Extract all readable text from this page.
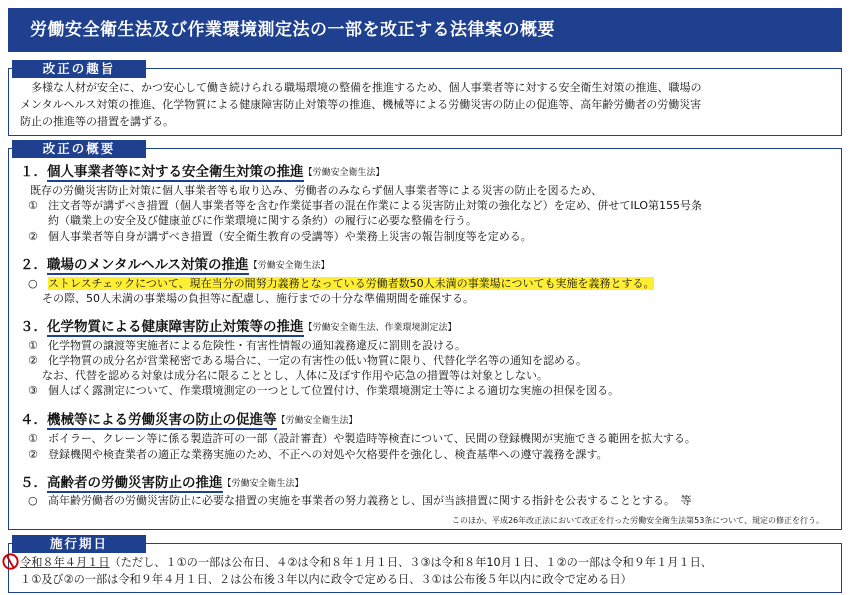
労働安全衛生法及び作業環境測定法の一部を改正する法律案の概要
改正の趣旨
　多様な人材が安全に、かつ安心して働き続けられる職場環境の整備を推進するため、個人事業者等に対する安全衛生対策の推進、職場の
メンタルヘルス対策の推進、化学物質による健康障害防止対策等の推進、機械等による労働災害の防止の促進等、高年齢労働者の労働災害
防止の推進等の措置を講ずる。
改正の概要
１．個人事業者等に対する安全衛生対策の推進【労働安全衛生法】
既存の労働災害防止対策に個人事業者等も取り込み、労働者のみならず個人事業者等による災害の防止を図るため、
① 注文者等が講ずべき措置（個人事業者等を含む作業従事者の混在作業による災害防止対策の強化など）を定め、併せてILO第155号条
約（職業上の安全及び健康並びに作業環境に関する条約）の履行に必要な整備を行う。
② 個人事業者等自身が講ずべき措置（安全衛生教育の受講等）や業務上災害の報告制度等を定める。
２．職場のメンタルヘルス対策の推進【労働安全衛生法】
○ ストレスチェックについて、現在当分の間努力義務となっている労働者数50人未満の事業場についても実施を義務とする。
その際、50人未満の事業場の負担等に配慮し、施行までの十分な準備期間を確保する。
３．化学物質による健康障害防止対策等の推進【労働安全衛生法、作業環境測定法】
① 化学物質の譲渡等実施者による危険性・有害性情報の通知義務違反に罰則を設ける。
② 化学物質の成分名が営業秘密である場合に、一定の有害性の低い物質に限り、代替化学名等の通知を認める。
なお、代替を認める対象は成分名に限ることとし、人体に及ぼす作用や応急の措置等は対象としない。
③ 個人ばく露測定について、作業環境測定の一つとして位置付け、作業環境測定士等による適切な実施の担保を図る。
４．機械等による労働災害の防止の促進等【労働安全衛生法】
① ボイラー、クレーン等に係る製造許可の一部（設計審査）や製造時等検査について、民間の登録機関が実施できる範囲を拡大する。
② 登録機関や検査業者の適正な業務実施のため、不正への対処や欠格要件を強化し、検査基準への遵守義務を課す。
５．高齢者の労働災害防止の推進【労働安全衛生法】
○ 高年齢労働者の労働災害防止に必要な措置の実施を事業者の努力義務とし、国が当該措置に関する指針を公表することとする。　等
このほか、平成26年改正法において改正を行った労働安全衛生法第53条について、規定の修正を行う。
施行期日
令和８年４月１日（ただし、１①の一部は公布日、４②は令和８年１月１日、３③は令和８年10月１日、１②の一部は令和９年１月１日、
１①及び②の一部は令和９年４月１日、２は公布後３年以内に政令で定める日、３①は公布後５年以内に政令で定める日）
